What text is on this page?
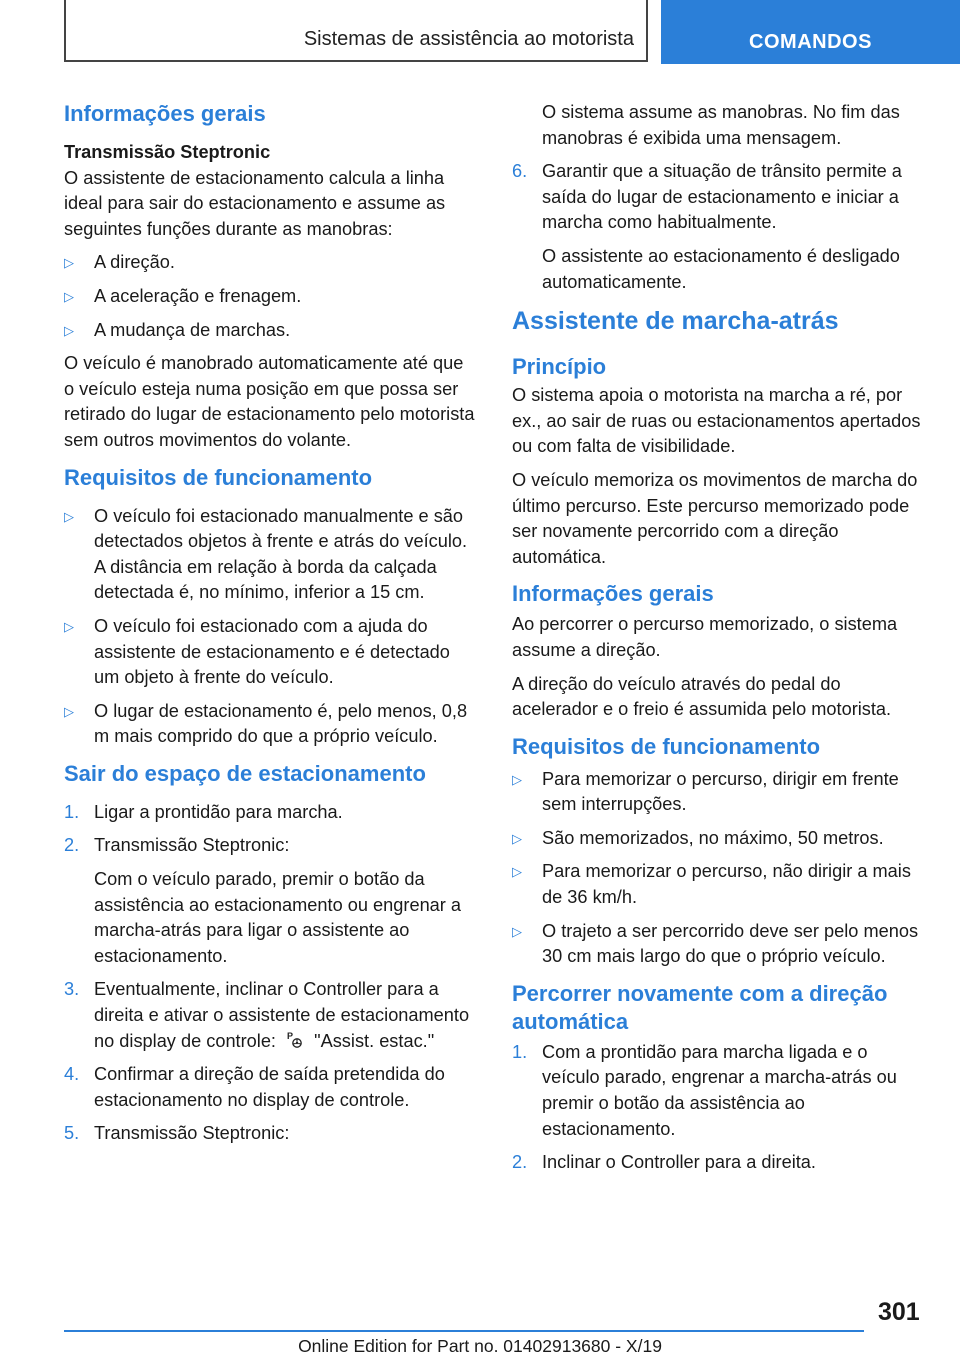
Sistemas de assistência ao motorista	COMANDOS
Informações gerais
Transmissão Steptronic

O assistente de estacionamento calcula a linha ideal para sair do estacionamento e assume as seguintes funções durante as manobras:

▷	A direção.
▷	A aceleração e frenagem.
▷	A mudança de marchas.

O veículo é manobrado automaticamente até que o veículo esteja numa posição em que possa ser retirado do lugar de estacionamento pelo motorista sem outros movimentos do volante.

Requisitos de funcionamento
▷	O veículo foi estacionado manualmente e são detectados objetos à frente e atrás do veículo. A distância em relação à borda da calçada detectada é, no mínimo, inferior a 15 cm.
▷	O veículo foi estacionado com a ajuda do assistente de estacionamento e é detectado um objeto à frente do veículo.
▷	O lugar de estacionamento é, pelo menos, 0,8 m mais comprido do que a próprio veículo.
Sair do espaço de estacionamento
1. Ligar a prontidão para marcha.
2. Transmissão Steptronic:
Com o veículo parado, premir o botão da assistência ao estacionamento ou engrenar a marcha-atrás para ligar o assistente ao estacionamento.
3. Eventualmente, inclinar o Controller para a direita e ativar o assistente de estacionamento no display de controle: P "Assist. estac."
4. Confirmar a direção de saída pretendida do estacionamento no display de controle.
5. Transmissão Steptronic:
O sistema assume as manobras. No fim das manobras é exibida uma mensagem.
6. Garantir que a situação de trânsito permite a saída do lugar de estacionamento e iniciar a marcha como habitualmente.
O assistente ao estacionamento é desligado automaticamente.
Assistente de marcha-atrás
Princípio

O sistema apoia o motorista na marcha a ré, por ex., ao sair de ruas ou estacionamentos apertados ou com falta de visibilidade.

O veículo memoriza os movimentos de marcha do último percurso. Este percurso memorizado pode ser novamente percorrido com a direção automática.

Informações gerais

Ao percorrer o percurso memorizado, o sistema assume a direção.

A direção do veículo através do pedal do acelerador e o freio é assumida pelo motorista.

Requisitos de funcionamento
▷	Para memorizar o percurso, dirigir em frente sem interrupções.
▷	São memorizados, no máximo, 50 metros.
▷	Para memorizar o percurso, não dirigir a mais de 36 km/h.
▷	O trajeto a ser percorrido deve ser pelo menos 30 cm mais largo do que o próprio veículo.
Percorrer novamente com a direção automática
1. Com a prontidão para marcha ligada e o veículo parado, engrenar a marcha-atrás ou premir o botão da assistência ao estacionamento.
2. Inclinar o Controller para a direita.
301
Online Edition for Part no. 01402913680 - X/19
